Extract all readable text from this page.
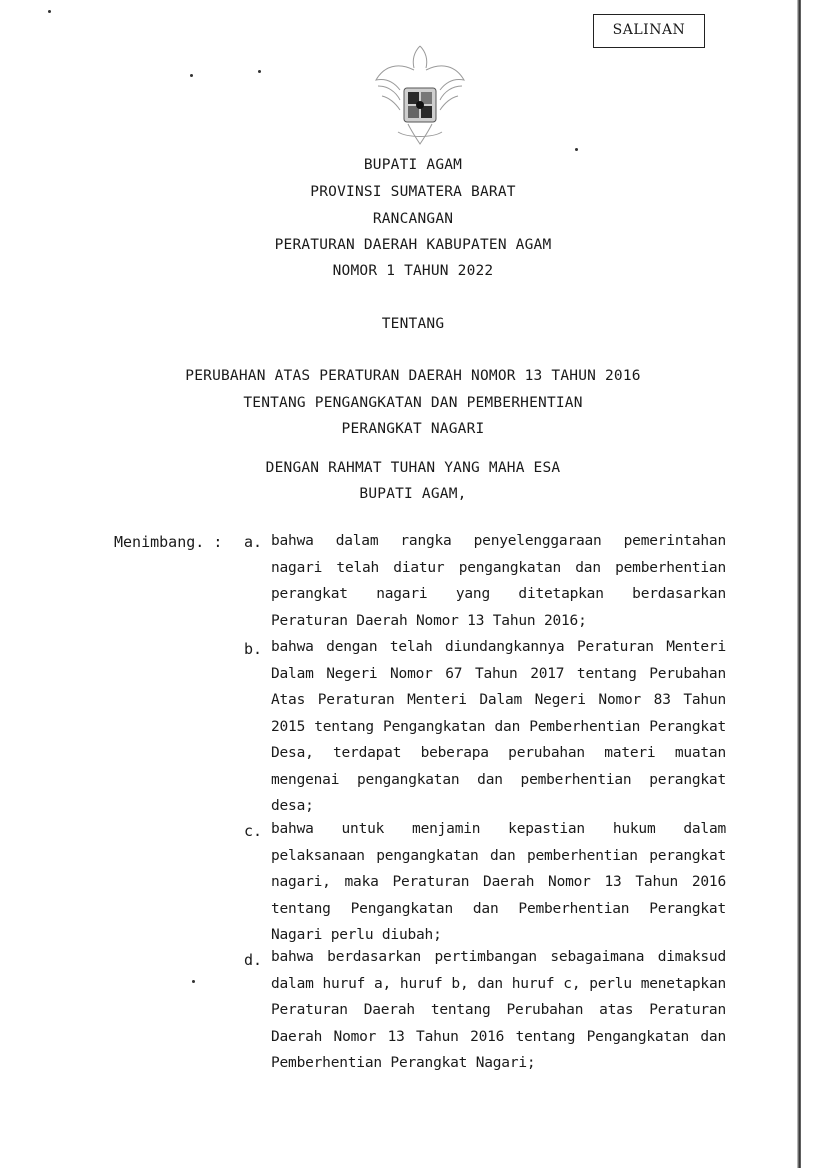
SALINAN
BUPATI AGAM
PROVINSI SUMATERA BARAT
RANCANGAN
PERATURAN DAERAH KABUPATEN AGAM
NOMOR 1 TAHUN 2022
TENTANG
PERUBAHAN ATAS PERATURAN DAERAH NOMOR 13 TAHUN 2016
TENTANG PENGANGKATAN DAN PEMBERHENTIAN
PERANGKAT NAGARI
DENGAN RAHMAT TUHAN YANG MAHA ESA
BUPATI AGAM,
Menimbang. : a. bahwa dalam rangka penyelenggaraan pemerintahan nagari telah diatur pengangkatan dan pemberhentian perangkat nagari yang ditetapkan berdasarkan Peraturan Daerah Nomor 13 Tahun 2016;
b. bahwa dengan telah diundangkannya Peraturan Menteri Dalam Negeri Nomor 67 Tahun 2017 tentang Perubahan Atas Peraturan Menteri Dalam Negeri Nomor 83 Tahun 2015 tentang Pengangkatan dan Pemberhentian Perangkat Desa, terdapat beberapa perubahan materi muatan mengenai pengangkatan dan pemberhentian perangkat desa;
c. bahwa untuk menjamin kepastian hukum dalam pelaksanaan pengangkatan dan pemberhentian perangkat nagari, maka Peraturan Daerah Nomor 13 Tahun 2016 tentang Pengangkatan dan Pemberhentian Perangkat Nagari perlu diubah;
d. bahwa berdasarkan pertimbangan sebagaimana dimaksud dalam huruf a, huruf b, dan huruf c, perlu menetapkan Peraturan Daerah tentang Perubahan atas Peraturan Daerah Nomor 13 Tahun 2016 tentang Pengangkatan dan Pemberhentian Perangkat Nagari;
